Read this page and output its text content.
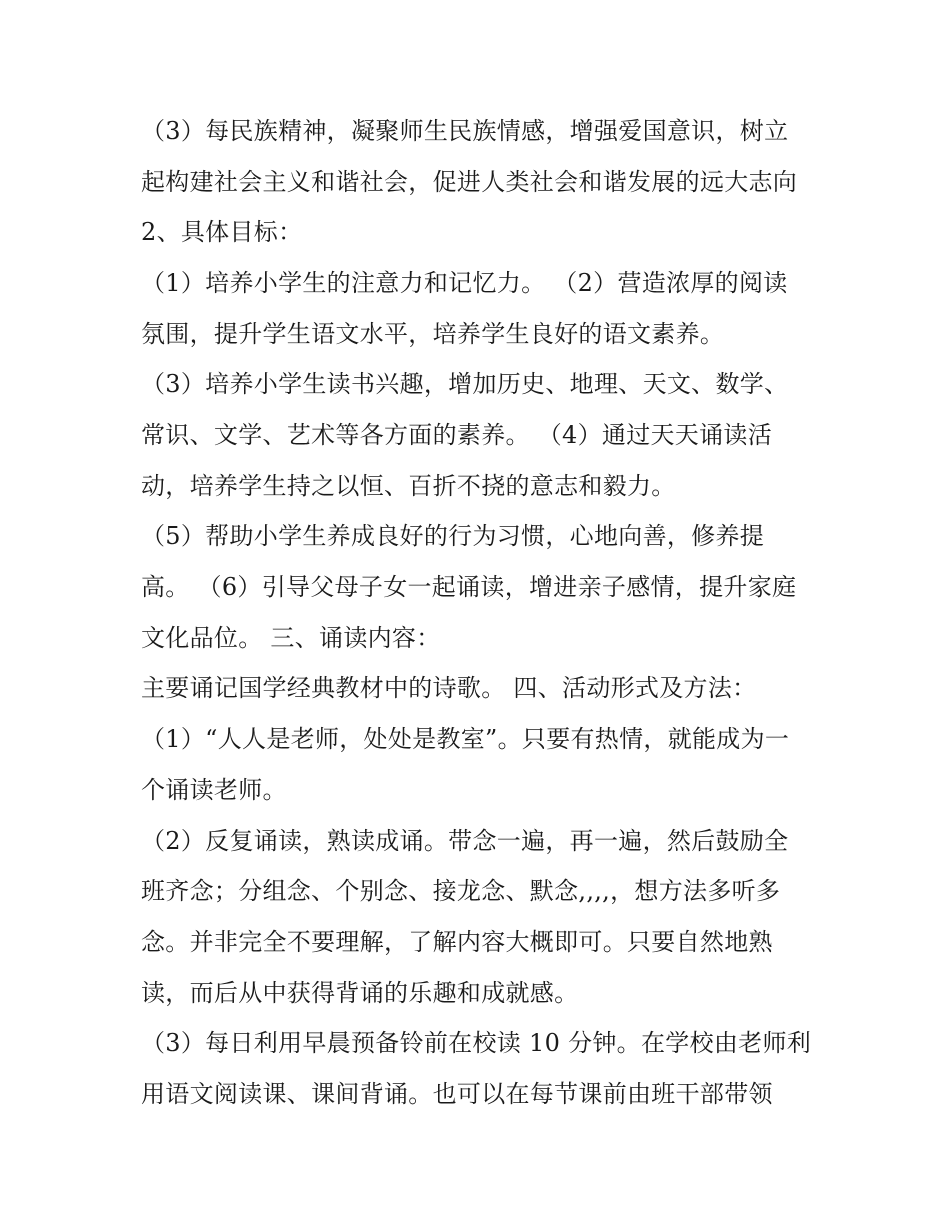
（3）每民族精神，凝聚师生民族情感，增强爱国意识，树立
起构建社会主义和谐社会，促进人类社会和谐发展的远大志向
2、具体目标：
（1）培养小学生的注意力和记忆力。 （2）营造浓厚的阅读
氛围，提升学生语文水平，培养学生良好的语文素养。
（3）培养小学生读书兴趣，增加历史、地理、天文、数学、
常识、文学、艺术等各方面的素养。 （4）通过天天诵读活
动，培养学生持之以恒、百折不挠的意志和毅力。
（5）帮助小学生养成良好的行为习惯，心地向善，修养提
高。 （6）引导父母子女一起诵读，增进亲子感情，提升家庭
文化品位。 三、诵读内容：
主要诵记国学经典教材中的诗歌。 四、活动形式及方法：
（1）“人人是老师，处处是教室”。只要有热情，就能成为一
个诵读老师。
（2）反复诵读，熟读成诵。带念一遍，再一遍，然后鼓励全
班齐念；分组念、个别念、接龙念、默念,,,,，想方法多听多
念。并非完全不要理解，了解内容大概即可。只要自然地熟
读，而后从中获得背诵的乐趣和成就感。
（3）每日利用早晨预备铃前在校读 10 分钟。在学校由老师利
用语文阅读课、课间背诵。也可以在每节课前由班干部带领
